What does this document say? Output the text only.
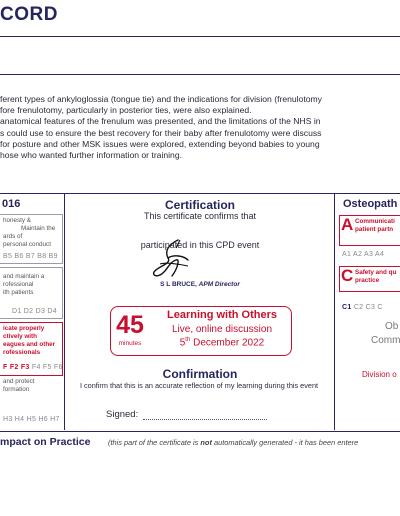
CORD
ferent types of ankyloglossia (tongue tie) and the indications for division (frenulotomy
fore frenulotomy, particularly in posterior ties, were also explained.
anatomical features of the frenulum was presented, and the limitations of the NHS in
s could use to ensure the best recovery for their baby after frenulotomy were discuss
for posture and other MSK issues were explored, extending beyond babies to young
hose who wanted further information or training.
016
honesty &
Maintain the
ards of
personal conduct
B5 B6 B7 B8 B9
and maintain a
rofessional
ith patients
D1 D2 D3 D4
icate properly
ctively with
eagues and other
rofessionals
F F2 F3 F4 F5 F6
and protect
formation
H3 H4 H5 H6 H7
Certification
This certificate confirms that
participated in this CPD event
S L BRUCE, APM Director
45
minutes
Learning with Others
Live, online discussion
5th December 2022
Confirmation
I confirm that this is an accurate reflection of my learning during this event
Signed:
Osteopath
A Communicati
patient partn
A1 A2 A3 A4
C Safety and qu
practice
C1 C2 C3 C
Ob
Comm
Division o
mpact on Practice (this part of the certificate is not automatically generated - it has been entere
